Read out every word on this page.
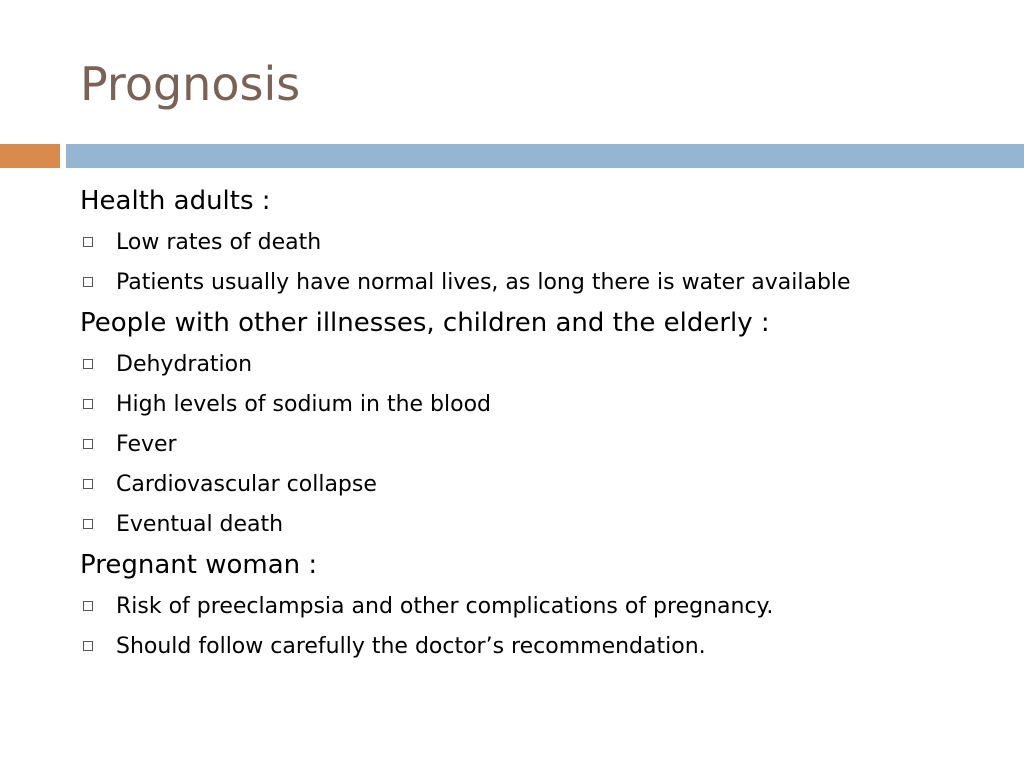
Prognosis
Health adults :
Low rates of death
Patients usually have normal lives, as long there is water available
People with other illnesses, children and the elderly :
Dehydration
High levels of sodium in the blood
Fever
Cardiovascular collapse
Eventual death
Pregnant woman :
Risk of preeclampsia and other complications of pregnancy.
Should follow carefully the doctor’s recommendation.
